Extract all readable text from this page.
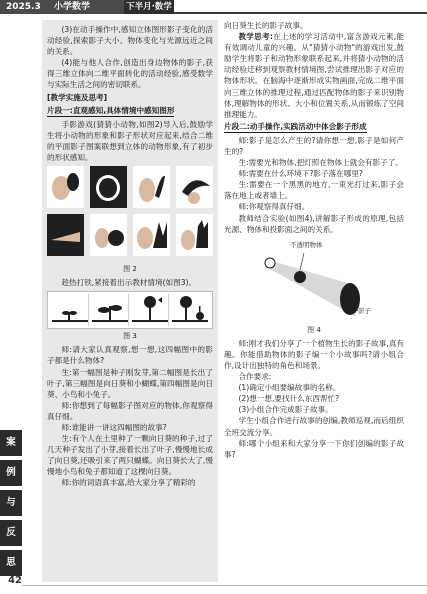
2025.3 小学数学	下半月·数学

(3)在动手操作中,感知立体图形影子变化的活动经验,探索影子大小、物体变化与光源远近之间的关系。

(4)能与他人合作,创造出身边物体的影子,获得三维立体向二维平面转化的活动经验,感受数学与实际生活之间的密切联系。

[教学实施及思考]

片段一:直观感知,具体情境中感知图形

手影游戏(猜猜小动物,如图2)导入后,鼓励学生将小动物的形象和影子形状对应起来,结合二维的平面影子图案联想到立体的动物形象,有了初步的形状感知。

图 2

趁热打铁,紧接着出示教材情境(如图3)。

图 3

师:请大家认真观察,想一想,这四幅图中的影子都是什么物体?

生:第一幅图是种子刚发芽,第二幅图是长出了叶子,第三幅图是向日葵和小蝴蝶,第四幅图是向日葵、小鸟和小兔子。

师:你想到了每幅影子图对应的物体,你观察得真仔细。

师:谁能讲一讲这四幅图的故事?

生:有个人在土里种了一颗向日葵的种子,过了几天种子发出了小芽,接着长出了叶子,慢慢地长成了向日葵,还吸引来了两只蝴蝶。向日葵长大了,慢慢地小鸟和兔子都知道了这棵向日葵。

师:你的词语真丰富,给大家分享了精彩的

向日葵生长的影子故事。

教学思考:在上述的学习活动中,富含游戏元素,能有效调动儿童的兴趣。从"猜猜小动物"的游戏出发,鼓励学生将影子和动物形象联系起来,并将猜小动物的活动经验迁移到观察教材情境图,尝试推理出影子对应的物体形状。在脑海中逐渐形成实物画面,完成二维平面向三维立体的推理过程,通过匹配物体的影子来识别物体,理解物体的形状、大小和位置关系,从而锻炼了空间推理能力。

片段二:动手操作,实践活动中体会影子形成

师:影子是怎么产生的?请你想一想,影子是如何产生的?

生:需要光和物体,把灯照在物体上就会有影子了。

师:需要在什么环境下?影子落在哪里?

生:需要在一个黑黑的地方,一束光打过来,影子会落在地上或者墙上。

师:你观察得真仔细。

教师结合实验(如图4),讲解影子形成的原理,包括光源、物体和投影面之间的关系。

不透明物体
影子

图 4

师:刚才我们分享了一个植物生长的影子故事,真有趣。你能借助物体的影子编一个小故事吗?请小组合作,设计出独特的角色和场景。

合作要求:

(1)确定小组要编故事的名称。

(2)想一想,要找什么东西帮忙?

(3)小组合作完成影子故事。

学生小组合作进行故事的创编,教师巡视,而后组织全班交流分享。

师:哪个小组来和大家分享一下你们创编的影子故事?

案
例
与
反
思
42
